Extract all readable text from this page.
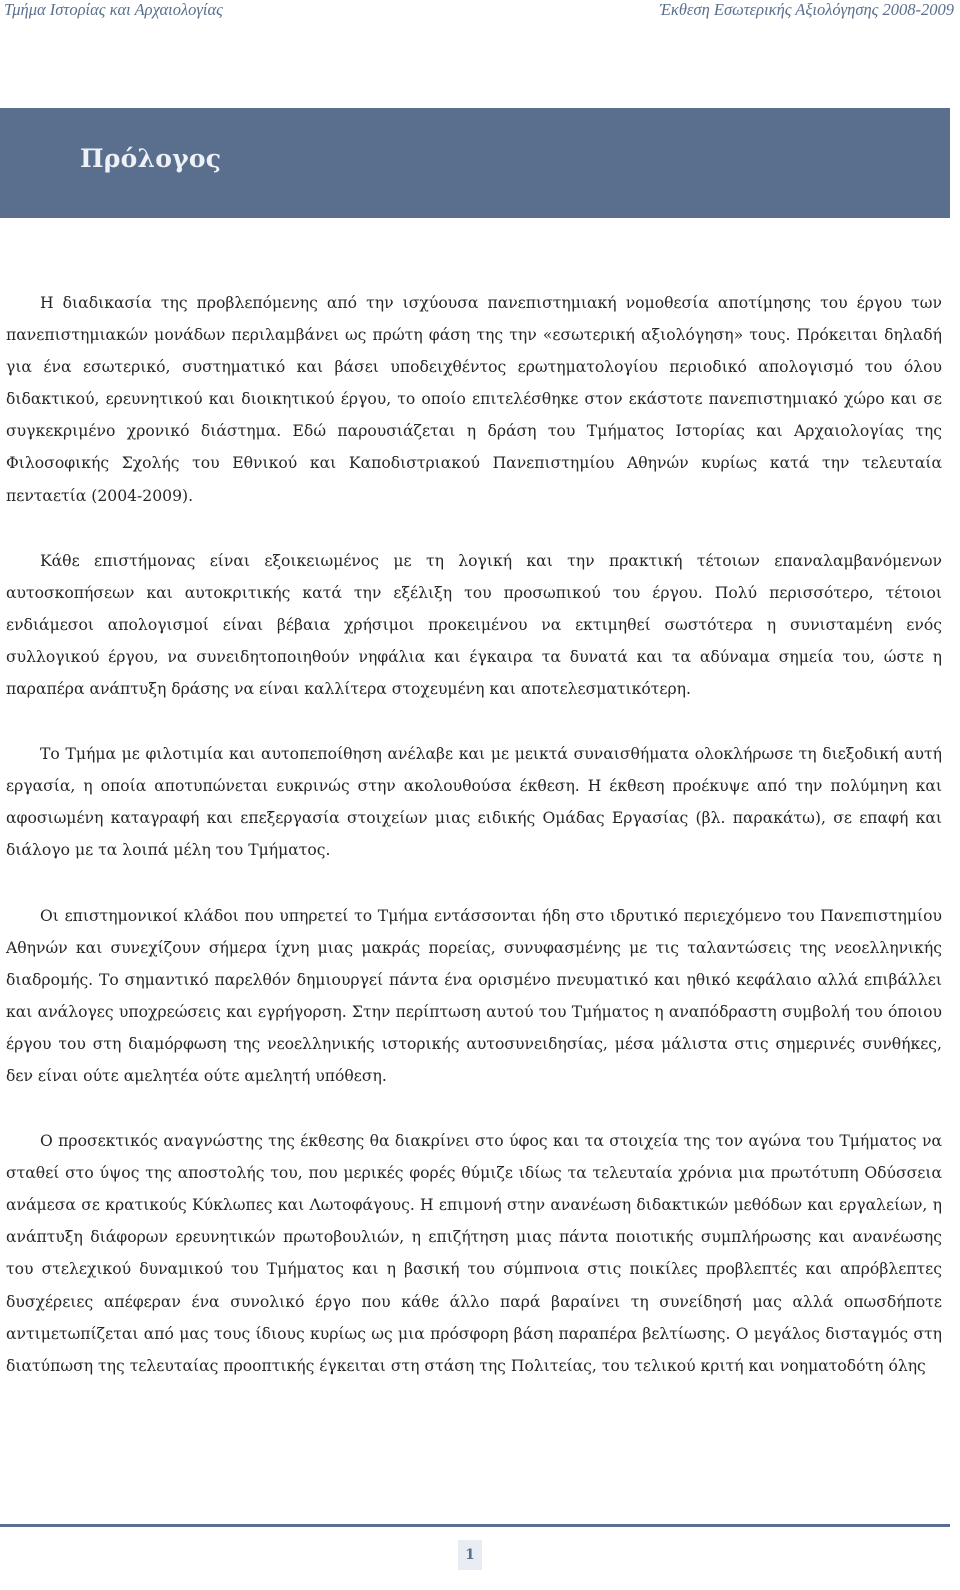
Τμήμα Ιστορίας και Αρχαιολογίας	Έκθεση Εσωτερικής Αξιολόγησης 2008-2009
Πρόλογος

Η διαδικασία της προβλεπόμενης από την ισχύουσα πανεπιστημιακή νομοθεσία αποτίμησης του έργου των πανεπιστημιακών μονάδων περιλαμβάνει ως πρώτη φάση της την «εσωτερική αξιολόγηση» τους. Πρόκειται δηλαδή για ένα εσωτερικό, συστηματικό και βάσει υποδειχθέντος ερωτηματολογίου περιοδικό απολογισμό του όλου διδακτικού, ερευνητικού και διοικητικού έργου, το οποίο επιτελέσθηκε στον εκάστοτε πανεπιστημιακό χώρο και σε συγκεκριμένο χρονικό διάστημα. Εδώ παρουσιάζεται η δράση του Τμήματος Ιστορίας και Αρχαιολογίας της Φιλοσοφικής Σχολής του Εθνικού και Καποδιστριακού Πανεπιστημίου Αθηνών κυρίως κατά την τελευταία πενταετία (2004-2009).

Κάθε επιστήμονας είναι εξοικειωμένος με τη λογική και την πρακτική τέτοιων επαναλαμβανόμενων αυτοσκοπήσεων και αυτοκριτικής κατά την εξέλιξη του προσωπικού του έργου. Πολύ περισσότερο, τέτοιοι ενδιάμεσοι απολογισμοί είναι βέβαια χρήσιμοι προκειμένου να εκτιμηθεί σωστότερα η συνισταμένη ενός συλλογικού έργου, να συνειδητοποιηθούν νηφάλια και έγκαιρα τα δυνατά και τα αδύναμα σημεία του, ώστε η παραπέρα ανάπτυξη δράσης να είναι καλλίτερα στοχευμένη και αποτελεσματικότερη.

Το Τμήμα με φιλοτιμία και αυτοπεποίθηση ανέλαβε και με μεικτά συναισθήματα ολοκλήρωσε τη διεξοδική αυτή εργασία, η οποία αποτυπώνεται ευκρινώς στην ακολουθούσα έκθεση. Η έκθεση προέκυψε από την πολύμηνη και αφοσιωμένη καταγραφή και επεξεργασία στοιχείων μιας ειδικής Ομάδας Εργασίας (βλ. παρακάτω), σε επαφή και διάλογο με τα λοιπά μέλη του Τμήματος.

Οι επιστημονικοί κλάδοι που υπηρετεί το Τμήμα εντάσσονται ήδη στο ιδρυτικό περιεχόμενο του Πανεπιστημίου Αθηνών και συνεχίζουν σήμερα ίχνη μιας μακράς πορείας, συνυφασμένης με τις ταλαντώσεις της νεοελληνικής διαδρομής. Το σημαντικό παρελθόν δημιουργεί πάντα ένα ορισμένο πνευματικό και ηθικό κεφάλαιο αλλά επιβάλλει και ανάλογες υποχρεώσεις και εγρήγορση. Στην περίπτωση αυτού του Τμήματος η αναπόδραστη συμβολή του όποιου έργου του στη διαμόρφωση της νεοελληνικής ιστορικής αυτοσυνειδησίας, μέσα μάλιστα στις σημερινές συνθήκες, δεν είναι ούτε αμελητέα ούτε αμελητή υπόθεση.

Ο προσεκτικός αναγνώστης της έκθεσης θα διακρίνει στο ύφος και τα στοιχεία της τον αγώνα του Τμήματος να σταθεί στο ύψος της αποστολής του, που μερικές φορές θύμιζε ιδίως τα τελευταία χρόνια μια πρωτότυπη Οδύσσεια ανάμεσα σε κρατικούς Κύκλωπες και Λωτοφάγους. Η επιμονή στην ανανέωση διδακτικών μεθόδων και εργαλείων, η ανάπτυξη διάφορων ερευνητικών πρωτοβουλιών, η επιζήτηση μιας πάντα ποιοτικής συμπλήρωσης και ανανέωσης του στελεχικού δυναμικού του Τμήματος και η βασική του σύμπνοια στις ποικίλες προβλεπτές και απρόβλεπτες δυσχέρειες απέφεραν ένα συνολικό έργο που κάθε άλλο παρά βαραίνει τη συνείδησή μας αλλά οπωσδήποτε αντιμετωπίζεται από μας τους ίδιους κυρίως ως μια πρόσφορη βάση παραπέρα βελτίωσης. Ο μεγάλος δισταγμός στη διατύπωση της τελευταίας προοπτικής έγκειται στη στάση της Πολιτείας, του τελικού κριτή και νοηματοδότη όλης

1
